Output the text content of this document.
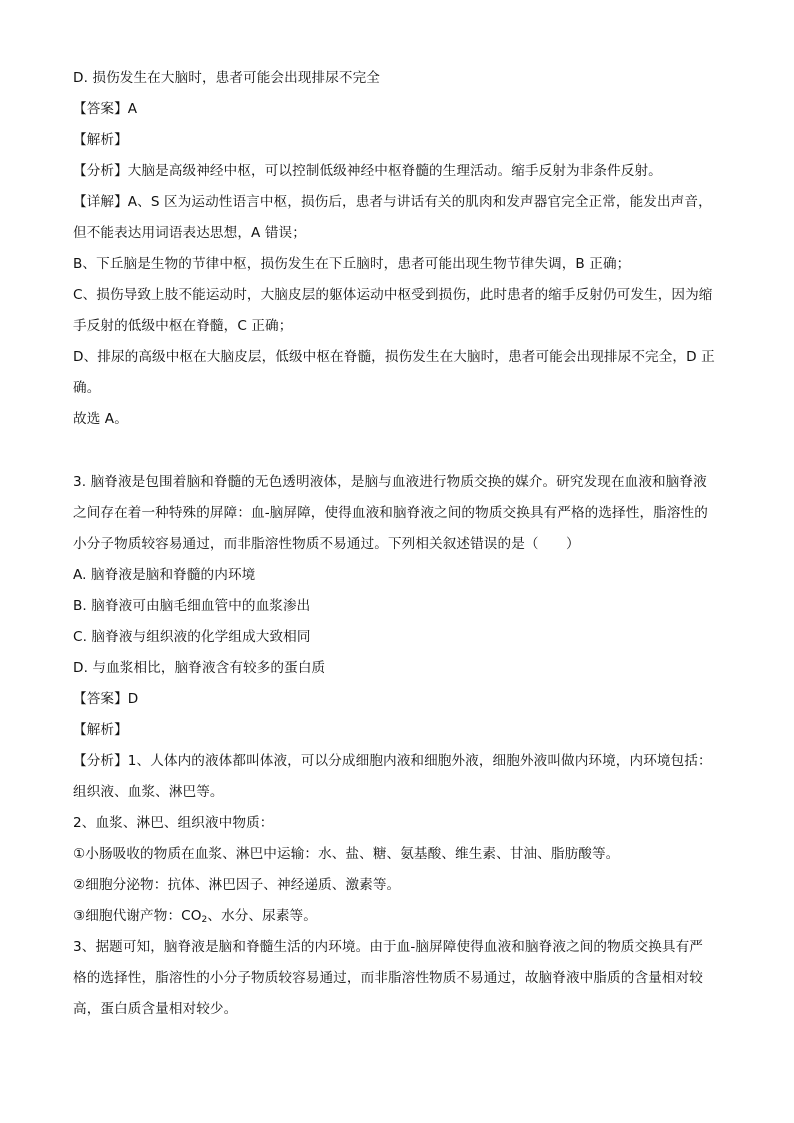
D. 损伤发生在大脑时，患者可能会出现排尿不完全
【答案】A
【解析】
【分析】大脑是高级神经中枢，可以控制低级神经中枢脊髓的生理活动。缩手反射为非条件反射。
【详解】A、S 区为运动性语言中枢，损伤后，患者与讲话有关的肌肉和发声器官完全正常，能发出声音，
但不能表达用词语表达思想，A 错误；
B、下丘脑是生物的节律中枢，损伤发生在下丘脑时，患者可能出现生物节律失调，B 正确；
C、损伤导致上肢不能运动时，大脑皮层的躯体运动中枢受到损伤，此时患者的缩手反射仍可发生，因为缩
手反射的低级中枢在脊髓，C 正确；
D、排尿的高级中枢在大脑皮层，低级中枢在脊髓，损伤发生在大脑时，患者可能会出现排尿不完全，D 正
确。
故选 A。
3. 脑脊液是包围着脑和脊髓的无色透明液体，是脑与血液进行物质交换的媒介。研究发现在血液和脑脊液
之间存在着一种特殊的屏障：血-脑屏障，使得血液和脑脊液之间的物质交换具有严格的选择性，脂溶性的
小分子物质较容易通过，而非脂溶性物质不易通过。下列相关叙述错误的是（　　）
A. 脑脊液是脑和脊髓的内环境
B. 脑脊液可由脑毛细血管中的血浆渗出
C. 脑脊液与组织液的化学组成大致相同
D. 与血浆相比，脑脊液含有较多的蛋白质
【答案】D
【解析】
【分析】1、人体内的液体都叫体液，可以分成细胞内液和细胞外液，细胞外液叫做内环境，内环境包括：
组织液、血浆、淋巴等。
2、血浆、淋巴、组织液中物质：
①小肠吸收的物质在血浆、淋巴中运输：水、盐、糖、氨基酸、维生素、甘油、脂肪酸等。
②细胞分泌物：抗体、淋巴因子、神经递质、激素等。
③细胞代谢产物：$CO_2$、水分、尿素等。
3、据题可知，脑脊液是脑和脊髓生活的内环境。由于血-脑屏障使得血液和脑脊液之间的物质交换具有严
格的选择性，脂溶性的小分子物质较容易通过，而非脂溶性物质不易通过，故脑脊液中脂质的含量相对较
高，蛋白质含量相对较少。
